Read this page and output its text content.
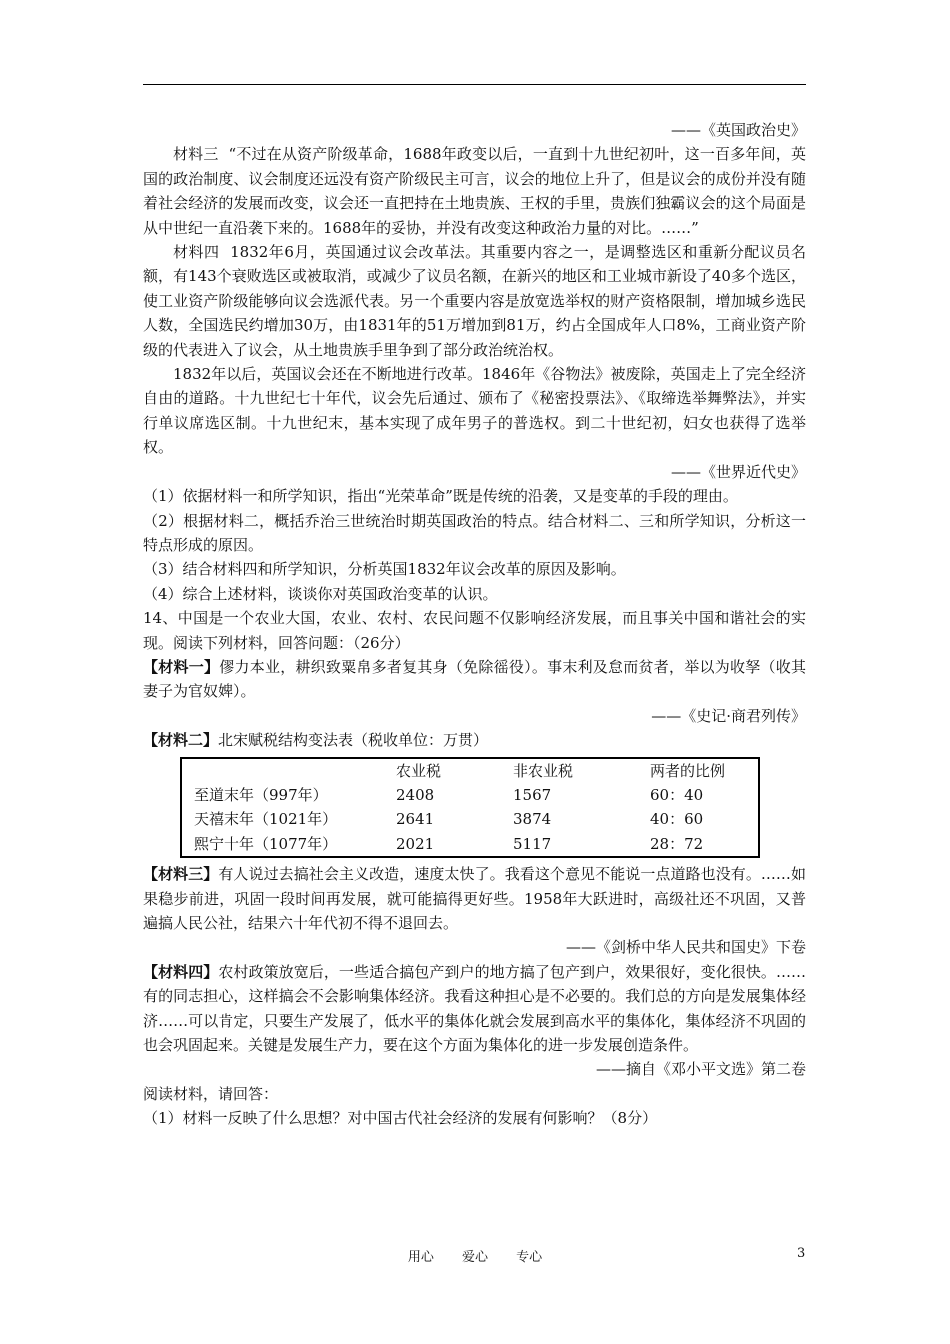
——《英国政治史》

材料三 “不过在从资产阶级革命，1688年政变以后，一直到十九世纪初叶，这一百多年间，英国的政治制度、议会制度还远没有资产阶级民主可言，议会的地位上升了，但是议会的成份并没有随着社会经济的发展而改变，议会还一直把持在土地贵族、王权的手里，贵族们独霸议会的这个局面是从中世纪一直沿袭下来的。1688年的妥协，并没有改变这种政治力量的对比。……”

材料四 1832年6月，英国通过议会改革法。其重要内容之一，是调整选区和重新分配议员名额，有143个衰败选区或被取消，或减少了议员名额，在新兴的地区和工业城市新设了40多个选区，使工业资产阶级能够向议会选派代表。另一个重要内容是放宽选举权的财产资格限制，增加城乡选民人数，全国选民约增加30万，由1831年的51万增加到81万，约占全国成年人口8%，工商业资产阶级的代表进入了议会，从土地贵族手里争到了部分政治统治权。

1832年以后，英国议会还在不断地进行改革。1846年《谷物法》被废除，英国走上了完全经济自由的道路。十九世纪七十年代，议会先后通过、颁布了《秘密投票法》、《取缔选举舞弊法》，并实行单议席选区制。十九世纪末，基本实现了成年男子的普选权。到二十世纪初，妇女也获得了选举权。

——《世界近代史》

（1）依据材料一和所学知识，指出“光荣革命”既是传统的沿袭，又是变革的手段的理由。

（2）根据材料二，概括乔治三世统治时期英国政治的特点。结合材料二、三和所学知识，分析这一特点形成的原因。

（3）结合材料四和所学知识，分析英国1832年议会改革的原因及影响。

（4）综合上述材料，谈谈你对英国政治变革的认识。

14、中国是一个农业大国，农业、农村、农民问题不仅影响经济发展，而且事关中国和谐社会的实现。阅读下列材料，回答问题：（26分）

【材料一】僇力本业，耕织致粟帛多者复其身（免除徭役）。事末利及怠而贫者，举以为收孥（收其妻子为官奴婢）。

——《史记·商君列传》

【材料二】北宋赋税结构变法表（税收单位：万贯）

	农业税	非农业税	两者的比例
至道末年（997年）	2408	1567	60：40
天禧末年（1021年）	2641	3874	40：60
熙宁十年（1077年）	2021	5117	28：72

【材料三】有人说过去搞社会主义改造，速度太快了。我看这个意见不能说一点道路也没有。……如果稳步前进，巩固一段时间再发展，就可能搞得更好些。1958年大跃进时，高级社还不巩固，又普遍搞人民公社，结果六十年代初不得不退回去。

——《剑桥中华人民共和国史》下卷

【材料四】农村政策放宽后，一些适合搞包产到户的地方搞了包产到户，效果很好，变化很快。……有的同志担心，这样搞会不会影响集体经济。我看这种担心是不必要的。我们总的方向是发展集体经济……可以肯定，只要生产发展了，低水平的集体化就会发展到高水平的集体化，集体经济不巩固的也会巩固起来。关键是发展生产力，要在这个方面为集体化的进一步发展创造条件。

——摘自《邓小平文选》第二卷

阅读材料，请回答：

（1）材料一反映了什么思想？对中国古代社会经济的发展有何影响？（8分）

用心 爱心 专心	3
